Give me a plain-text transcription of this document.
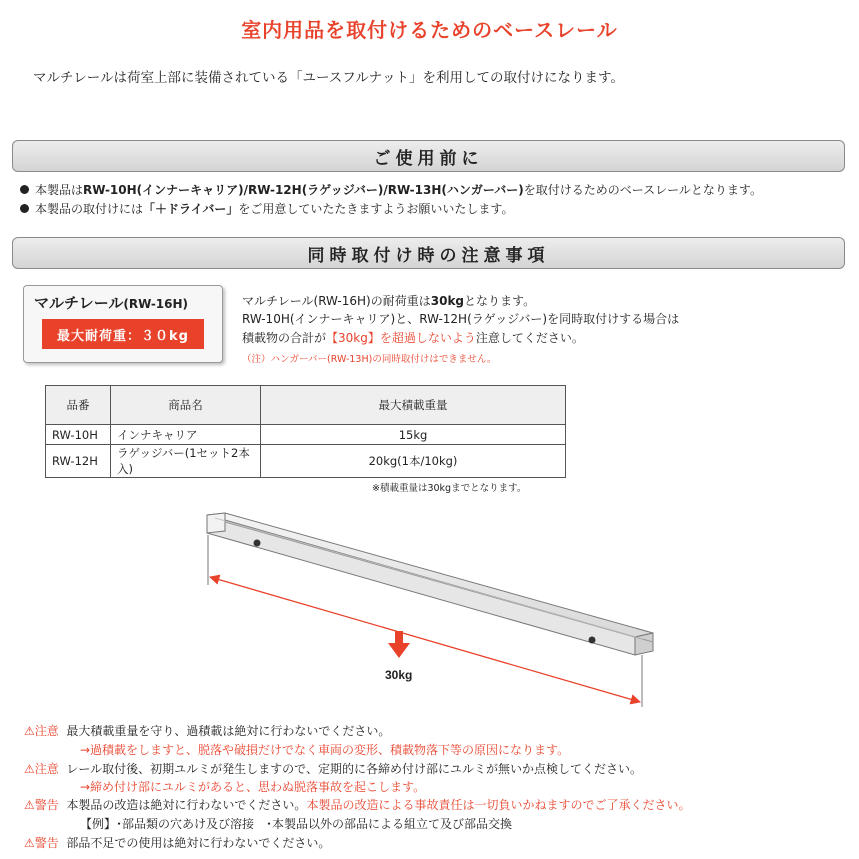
室内用品を取付けるためのベースレール
マルチレールは荷室上部に装備されている「ユースフルナット」を利用しての取付けになります。
ご使用前に
本製品はRW-10H(インナーキャリア)/RW-12H(ラゲッジバー)/RW-13H(ハンガーバー)を取付けるためのベースレールとなります。
本製品の取付けには「＋ドライバー」をご用意していたたきますようお願いいたします。
同時取付け時の注意事項
マルチレール(RW-16H)
最大耐荷重：３０kg
マルチレール(RW-16H)の耐荷重は30kgとなります。
RW-10H(インナーキャリア)と、RW-12H(ラゲッジバー)を同時取付けする場合は
積載物の合計が【30kg】を超過しないよう注意してください。
（注）ハンガーバー(RW-13H)の同時取付けはできません。
品番	商品名	最大積載重量
RW-10H	インナキャリア	15kg
RW-12H	ラゲッジバー(1セット2本入)	20kg(1本/10kg)
※積載重量は30kgまでとなります。
30kg
⚠注意 最大積載重量を守り、過積載は絶対に行わないでください。
→過積載をしますと、脱落や破損だけでなく車両の変形、積載物落下等の原因になります。
⚠注意 レール取付後、初期ユルミが発生しますので、定期的に各締め付け部にユルミが無いか点検してください。
→締め付け部にユルミがあると、思わぬ脱落事故を起こします。
⚠警告 本製品の改造は絶対に行わないでください。本製品の改造による事故責任は一切負いかねますのでご了承ください。
【例】･部品類の穴あけ及び溶接　･本製品以外の部品による組立て及び部品交換
⚠警告 部品不足での使用は絶対に行わないでください。
